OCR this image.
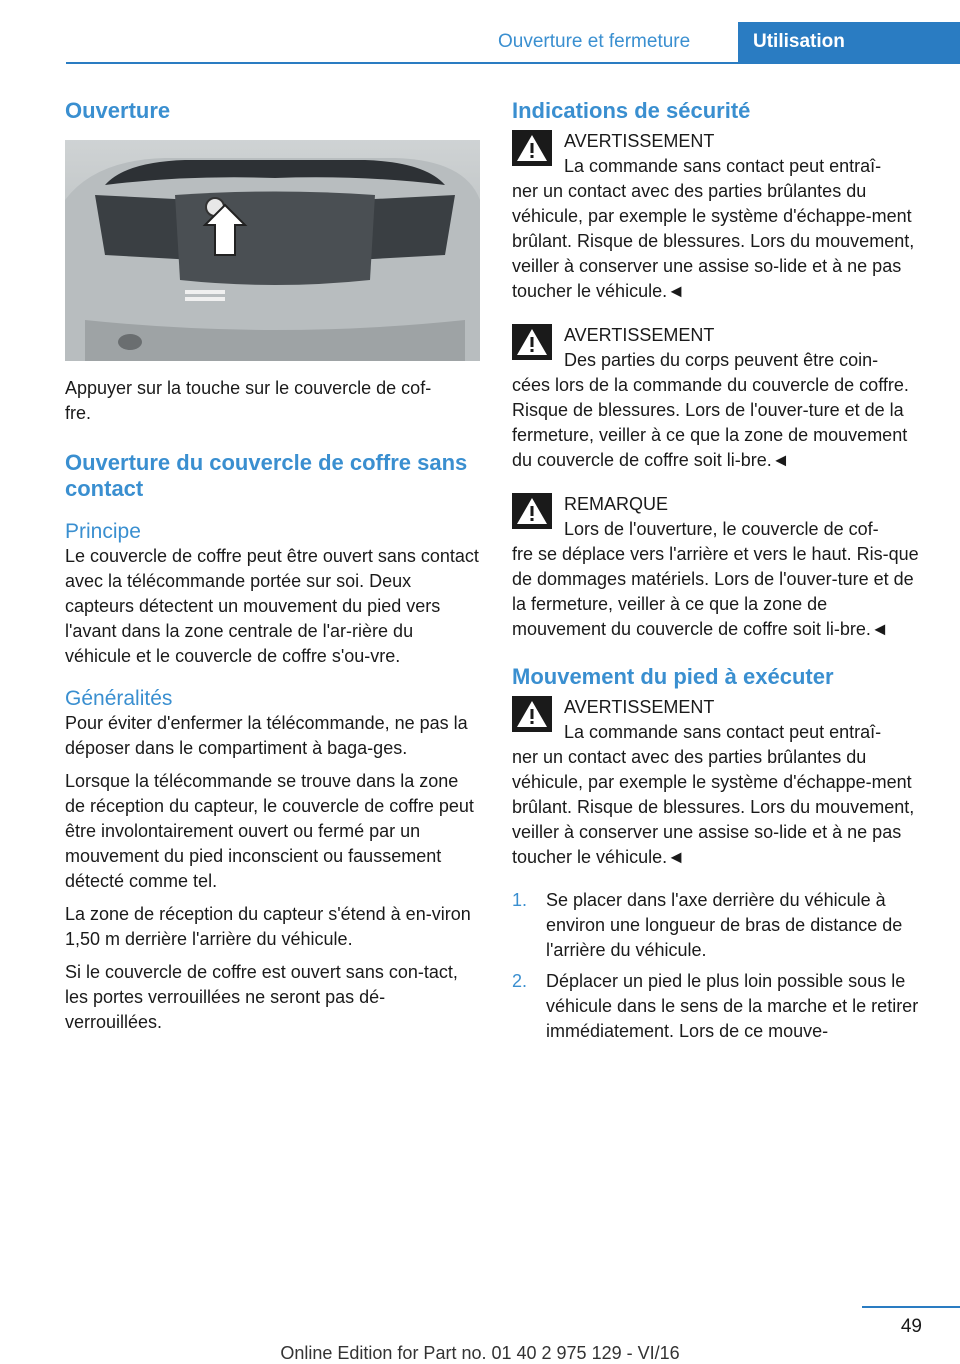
Ouverture et fermeture	Utilisation
Ouverture

Appuyer sur la touche sur le couvercle de cof-
fre.

Ouverture du couvercle de coffre sans contact
Principe

Le couvercle de coffre peut être ouvert sans contact avec la télécommande portée sur soi. Deux capteurs détectent un mouvement du pied vers l'avant dans la zone centrale de l'ar-rière du véhicule et le couvercle de coffre s'ou-vre.

Généralités

Pour éviter d'enfermer la télécommande, ne pas la déposer dans le compartiment à baga-ges.

Lorsque la télécommande se trouve dans la zone de réception du capteur, le couvercle de coffre peut être involontairement ouvert ou fermé par un mouvement du pied inconscient ou faussement détecté comme tel.

La zone de réception du capteur s'étend à en-viron 1,50 m derrière l'arrière du véhicule.

Si le couvercle de coffre est ouvert sans con-tact, les portes verrouillées ne seront pas dé-verrouillées.

Indications de sécurité
AVERTISSEMENT
La commande sans contact peut entraî-
ner un contact avec des parties brûlantes du véhicule, par exemple le système d'échappe-ment brûlant. Risque de blessures. Lors du mouvement, veiller à conserver une assise so-lide et à ne pas toucher le véhicule.◄
AVERTISSEMENT
Des parties du corps peuvent être coin-
cées lors de la commande du couvercle de coffre. Risque de blessures. Lors de l'ouver-ture et de la fermeture, veiller à ce que la zone de mouvement du couvercle de coffre soit li-bre.◄
REMARQUE
Lors de l'ouverture, le couvercle de cof-
fre se déplace vers l'arrière et vers le haut. Ris-que de dommages matériels. Lors de l'ouver-ture et de la fermeture, veiller à ce que la zone de mouvement du couvercle de coffre soit li-bre.◄
Mouvement du pied à exécuter
AVERTISSEMENT
La commande sans contact peut entraî-
ner un contact avec des parties brûlantes du véhicule, par exemple le système d'échappe-ment brûlant. Risque de blessures. Lors du mouvement, veiller à conserver une assise so-lide et à ne pas toucher le véhicule.◄
1. Se placer dans l'axe derrière du véhicule à environ une longueur de bras de distance de l'arrière du véhicule.
2. Déplacer un pied le plus loin possible sous le véhicule dans le sens de la marche et le retirer immédiatement. Lors de ce mouve-
49
Online Edition for Part no. 01 40 2 975 129 - VI/16
